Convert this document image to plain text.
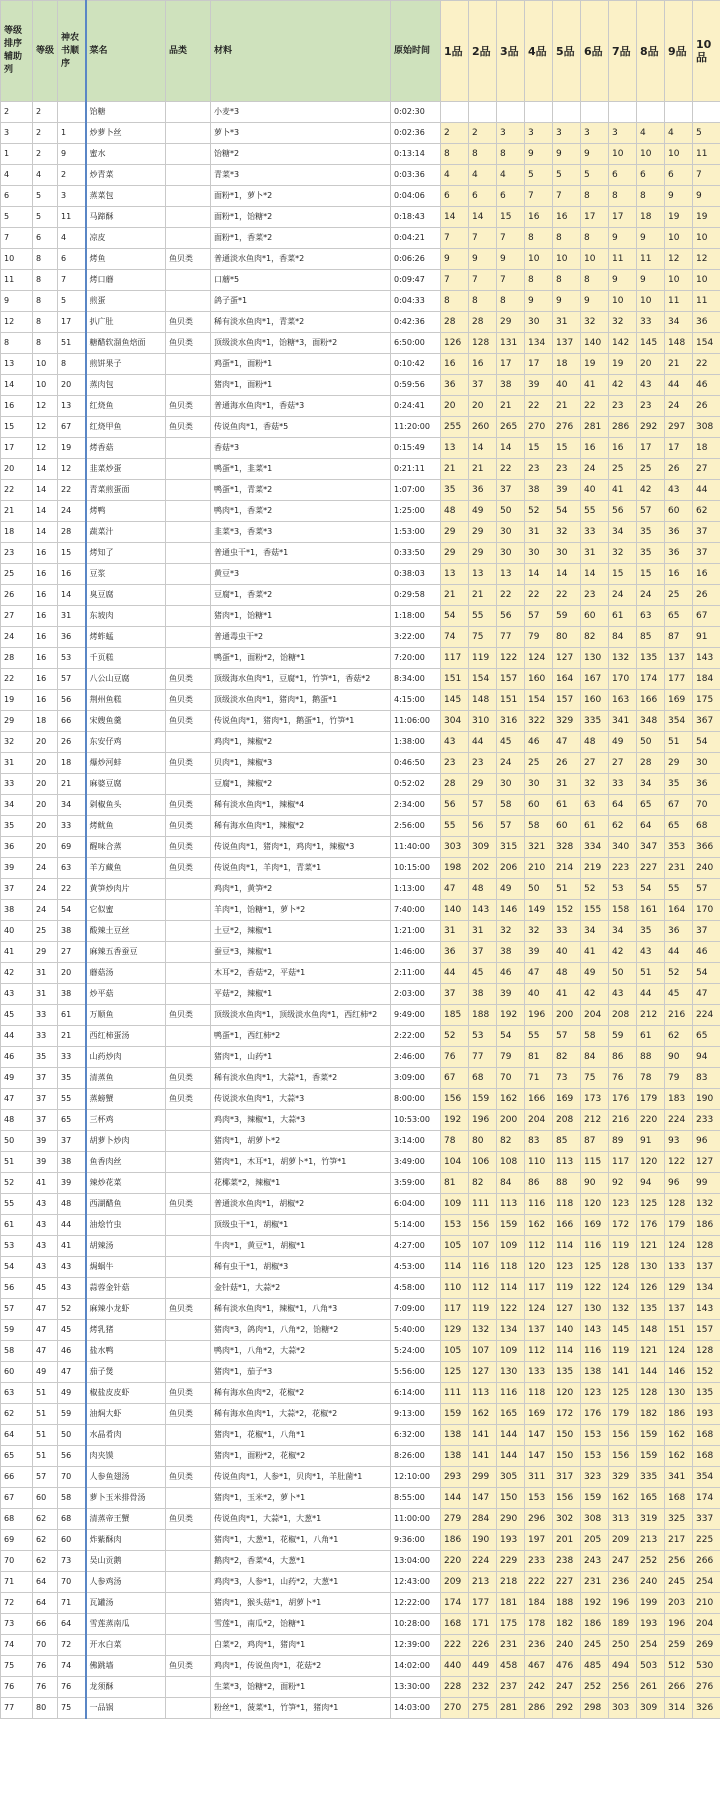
等级排序辅助列	等级	神农书顺序	菜名	品类	材料	原始时间	1品	2品	3品	4品	5品	6品	7品	8品	9品	10品
2	2		饴糖		小麦*3	0:02:30										
3	2	1	炒萝卜丝		萝卜*3	0:02:36	2	2	3	3	3	3	3	4	4	5
1	2	9	蜜水		饴糖*2	0:13:14	8	8	8	9	9	9	10	10	10	11
4	4	2	炒青菜		青菜*3	0:03:36	4	4	4	5	5	5	6	6	6	7
6	5	3	蒸菜包		面粉*1，萝卜*2	0:04:06	6	6	6	7	7	8	8	8	9	9
5	5	11	马蹄酥		面粉*1，饴糖*2	0:18:43	14	14	15	16	16	17	17	18	19	19
7	6	4	凉皮		面粉*1，香菜*2	0:04:21	7	7	7	8	8	8	9	9	10	10
10	8	6	烤鱼	鱼贝类	普通淡水鱼肉*1，香菜*2	0:06:26	9	9	9	10	10	10	11	11	12	12
11	8	7	烤口蘑		口蘑*5	0:09:47	7	7	7	8	8	8	9	9	10	10
9	8	5	煎蛋		鸽子蛋*1	0:04:33	8	8	8	9	9	9	10	10	11	11
12	8	17	扒广肚	鱼贝类	稀有淡水鱼肉*1，青菜*2	0:42:36	28	28	29	30	31	32	32	33	34	36
8	8	51	糖醋软溜鱼焙面	鱼贝类	顶级淡水鱼肉*1，饴糖*3，面粉*2	6:50:00	126	128	131	134	137	140	142	145	148	154
13	10	8	煎饼果子		鸡蛋*1，面粉*1	0:10:42	16	16	17	17	18	19	19	20	21	22
14	10	20	蒸肉包		猪肉*1，面粉*1	0:59:56	36	37	38	39	40	41	42	43	44	46
16	12	13	红烧鱼	鱼贝类	普通海水鱼肉*1，香菇*3	0:24:41	20	20	21	22	21	22	23	23	24	26
15	12	67	红烧甲鱼	鱼贝类	传说鱼肉*1，香菇*5	11:20:00	255	260	265	270	276	281	286	292	297	308
17	12	19	烤香菇		香菇*3	0:15:49	13	14	14	15	15	16	16	17	17	18
20	14	12	韭菜炒蛋		鸭蛋*1，韭菜*1	0:21:11	21	21	22	23	23	24	25	25	26	27
22	14	22	青菜煎蛋面		鸭蛋*1，青菜*2	1:07:00	35	36	37	38	39	40	41	42	43	44
21	14	24	烤鸭		鸭肉*1，香菜*2	1:25:00	48	49	50	52	54	55	56	57	60	62
18	14	28	蔬菜汁		韭菜*3，香菜*3	1:53:00	29	29	30	31	32	33	34	35	36	37
23	16	15	烤知了		普通虫干*1，香菇*1	0:33:50	29	29	30	30	30	31	32	35	36	37
25	16	16	豆浆		黄豆*3	0:38:03	13	13	13	14	14	14	15	15	16	16
26	16	14	臭豆腐		豆腐*1，香菜*2	0:29:58	21	21	22	22	22	23	24	24	25	26
27	16	31	东坡肉		猪肉*1，饴糖*1	1:18:00	54	55	56	57	59	60	61	63	65	67
24	16	36	烤蚱蜢		普通毒虫干*2	3:22:00	74	75	77	79	80	82	84	85	87	91
28	16	53	千页糕		鸭蛋*1，面粉*2，饴糖*1	7:20:00	117	119	122	124	127	130	132	135	137	143
22	16	57	八公山豆腐	鱼贝类	顶级海水鱼肉*1，豆腐*1，竹笋*1，香菇*2	8:34:00	151	154	157	160	164	167	170	174	177	184
19	16	56	荆州鱼糕	鱼贝类	顶级淡水鱼肉*1，猪肉*1，鹅蛋*1	4:15:00	145	148	151	154	157	160	163	166	169	175
29	18	66	宋嫂鱼羹	鱼贝类	传说鱼肉*1，猪肉*1，鹅蛋*1，竹笋*1	11:06:00	304	310	316	322	329	335	341	348	354	367
32	20	26	东安仔鸡		鸡肉*1，辣椒*2	1:38:00	43	44	45	46	47	48	49	50	51	54
31	20	18	爆炒河蚌	鱼贝类	贝肉*1，辣椒*3	0:46:50	23	23	24	25	26	27	27	28	29	30
33	20	21	麻婆豆腐		豆腐*1，辣椒*2	0:52:02	28	29	30	30	31	32	33	34	35	36
34	20	34	剁椒鱼头	鱼贝类	稀有淡水鱼肉*1，辣椒*4	2:34:00	56	57	58	60	61	63	64	65	67	70
35	20	33	烤鱿鱼	鱼贝类	稀有海水鱼肉*1，辣椒*2	2:56:00	55	56	57	58	60	61	62	64	65	68
36	20	69	醒味合蒸	鱼贝类	传说鱼肉*1，猪肉*1，鸡肉*1，辣椒*3	11:40:00	303	309	315	321	328	334	340	347	353	366
39	24	63	羊方藏鱼	鱼贝类	传说鱼肉*1，羊肉*1，青菜*1	10:15:00	198	202	206	210	214	219	223	227	231	240
37	24	22	黄笋炒肉片		鸡肉*1，黄笋*2	1:13:00	47	48	49	50	51	52	53	54	55	57
38	24	54	它似蜜		羊肉*1，饴糖*1，萝卜*2	7:40:00	140	143	146	149	152	155	158	161	164	170
40	25	38	酸辣土豆丝		土豆*2，辣椒*1	1:21:00	31	31	32	32	33	34	34	35	36	37
41	29	27	麻辣五香蚕豆		蚕豆*3，辣椒*1	1:46:00	36	37	38	39	40	41	42	43	44	46
42	31	20	蘑菇汤		木耳*2，香菇*2，平菇*1	2:11:00	44	45	46	47	48	49	50	51	52	54
43	31	38	炒平菇		平菇*2，辣椒*1	2:03:00	37	38	39	40	41	42	43	44	45	47
45	33	61	万顺鱼	鱼贝类	顶级淡水鱼肉*1，顶级淡水鱼肉*1，西红柿*2	9:49:00	185	188	192	196	200	204	208	212	216	224
44	33	21	西红柿蛋汤		鸭蛋*1，西红柿*2	2:22:00	52	53	54	55	57	58	59	61	62	65
46	35	33	山药炒肉		猪肉*1，山药*1	2:46:00	76	77	79	81	82	84	86	88	90	94
49	37	35	清蒸鱼	鱼贝类	稀有淡水鱼肉*1，大蒜*1，香菜*2	3:09:00	67	68	70	71	73	75	76	78	79	83
47	37	55	蒸螃蟹	鱼贝类	传说淡水鱼肉*1，大蒜*3	8:00:00	156	159	162	166	169	173	176	179	183	190
48	37	65	三杯鸡		鸡肉*3，辣椒*1，大蒜*3	10:53:00	192	196	200	204	208	212	216	220	224	233
50	39	37	胡萝卜炒肉		猪肉*1，胡萝卜*2	3:14:00	78	80	82	83	85	87	89	91	93	96
51	39	38	鱼香肉丝		猪肉*1，木耳*1，胡萝卜*1，竹笋*1	3:49:00	104	106	108	110	113	115	117	120	122	127
52	41	39	辣炒花菜		花椰菜*2，辣椒*1	3:59:00	81	82	84	86	88	90	92	94	96	99
55	43	48	西湖醋鱼	鱼贝类	普通淡水鱼肉*1，胡椒*2	6:04:00	109	111	113	116	118	120	123	125	128	132
61	43	44	油烩竹虫		顶级虫干*1，胡椒*1	5:14:00	153	156	159	162	166	169	172	176	179	186
53	43	41	胡辣汤		牛肉*1，黄豆*1，胡椒*1	4:27:00	105	107	109	112	114	116	119	121	124	128
54	43	43	焗蜗牛		稀有虫干*1，胡椒*3	4:53:00	114	116	118	120	123	125	128	130	133	137
56	45	43	蒜蓉金针菇		金针菇*1，大蒜*2	4:58:00	110	112	114	117	119	122	124	126	129	134
57	47	52	麻辣小龙虾	鱼贝类	稀有淡水鱼肉*1，辣椒*1，八角*3	7:09:00	117	119	122	124	127	130	132	135	137	143
59	47	45	烤乳猪		猪肉*3，鸽肉*1，八角*2，饴糖*2	5:40:00	129	132	134	137	140	143	145	148	151	157
58	47	46	盐水鸭		鸭肉*1，八角*2，大蒜*2	5:24:00	105	107	109	112	114	116	119	121	124	128
60	49	47	茄子煲		猪肉*1，茄子*3	5:56:00	125	127	130	133	135	138	141	144	146	152
63	51	49	椒盐皮皮虾	鱼贝类	稀有海水鱼肉*2，花椒*2	6:14:00	111	113	116	118	120	123	125	128	130	135
62	51	59	油焖大虾	鱼贝类	稀有海水鱼肉*1，大蒜*2，花椒*2	9:13:00	159	162	165	169	172	176	179	182	186	193
64	51	50	水晶肴肉		猪肉*1，花椒*1，八角*1	6:32:00	138	141	144	147	150	153	156	159	162	168
65	51	56	肉夹馍		猪肉*1，面粉*2，花椒*2	8:26:00	138	141	144	147	150	153	156	159	162	168
66	57	70	人参鱼翅汤	鱼贝类	传说鱼肉*1，人参*1，贝肉*1，羊肚菌*1	12:10:00	293	299	305	311	317	323	329	335	341	354
67	60	58	萝卜玉米排骨汤		猪肉*1，玉米*2，萝卜*1	8:55:00	144	147	150	153	156	159	162	165	168	174
68	62	68	清蒸帝王蟹	鱼贝类	传说鱼肉*1，大蒜*1，大葱*1	11:00:00	279	284	290	296	302	308	313	319	325	337
69	62	60	炸紫酥肉		猪肉*1，大葱*1，花椒*1，八角*1	9:36:00	186	190	193	197	201	205	209	213	217	225
70	62	73	吴山贡鹅		鹅肉*2，香菜*4，大葱*1	13:04:00	220	224	229	233	238	243	247	252	256	266
71	64	70	人参鸡汤		鸡肉*3，人参*1，山药*2，大葱*1	12:43:00	209	213	218	222	227	231	236	240	245	254
72	64	71	瓦罐汤		猪肉*1，猴头菇*1，胡萝卜*1	12:22:00	174	177	181	184	188	192	196	199	203	210
73	66	64	雪莲蒸南瓜		雪莲*1，南瓜*2，饴糖*1	10:28:00	168	171	175	178	182	186	189	193	196	204
74	70	72	开水白菜		白菜*2，鸡肉*1，猪肉*1	12:39:00	222	226	231	236	240	245	250	254	259	269
75	76	74	佛跳墙	鱼贝类	鸡肉*1，传说鱼肉*1，花菇*2	14:02:00	440	449	458	467	476	485	494	503	512	530
76	76	76	龙须酥		生菜*3，饴糖*2，面粉*1	13:30:00	228	232	237	242	247	252	256	261	266	276
77	80	75	一品锅		粉丝*1，菠菜*1，竹笋*1，猪肉*1	14:03:00	270	275	281	286	292	298	303	309	314	326
